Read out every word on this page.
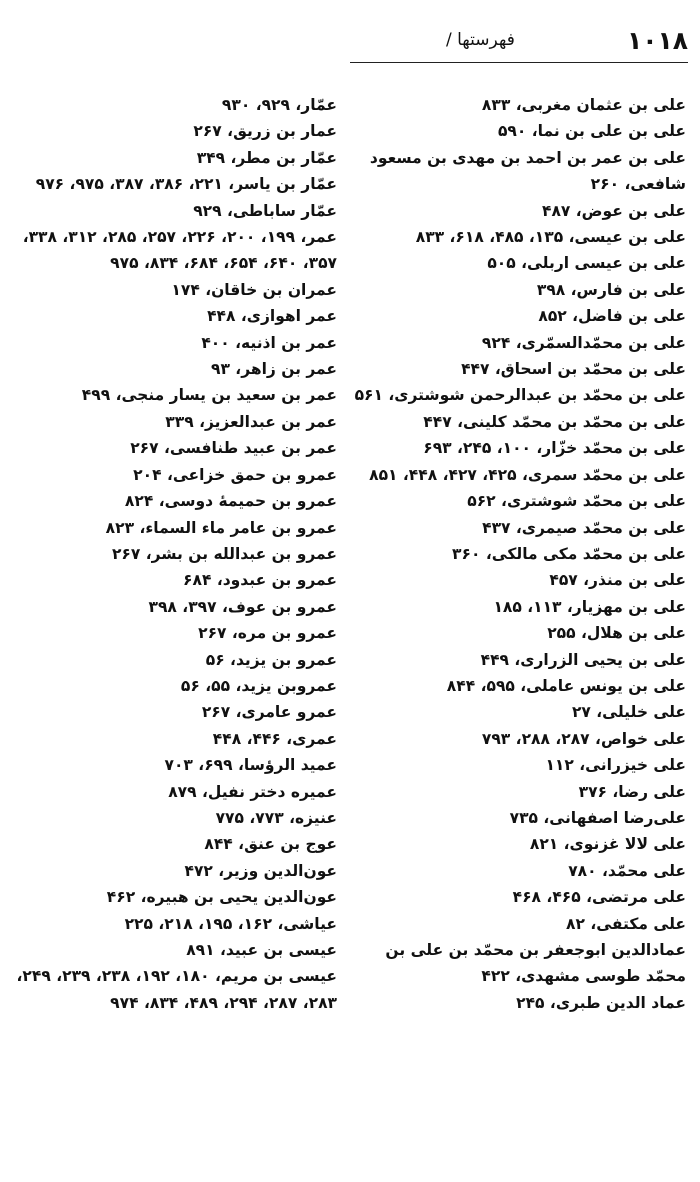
۱۰۱۸
فهرستها /
علی بن عثمان مغربی، ۸۳۳
علی بن علی بن نما، ۵۹۰
علی بن عمر بن احمد بن مهدی بن مسعود
شافعی، ۲۶۰
علی بن عوض، ۴۸۷
علی بن عیسی، ۱۳۵، ۴۸۵، ۶۱۸، ۸۳۳
علی بن عیسی اربلی، ۵۰۵
علی بن فارس، ۳۹۸
علی بن فاضل، ۸۵۲
علی بن محمّدالسمّری، ۹۲۴
علی بن محمّد بن اسحاق، ۴۴۷
علی بن محمّد بن عبدالرحمن شوشتری، ۵۶۱
علی بن محمّد بن محمّد کلینی، ۴۴۷
علی بن محمّد خزّار، ۱۰۰، ۲۴۵، ۶۹۳
علی بن محمّد سمری، ۴۲۵، ۴۲۷، ۴۴۸، ۸۵۱
علی بن محمّد شوشتری، ۵۶۲
علی بن محمّد صیمری، ۴۳۷
علی بن محمّد مکی مالکی، ۳۶۰
علی بن منذر، ۴۵۷
علی بن مهزیار، ۱۱۳، ۱۸۵
علی بن هلال، ۲۵۵
علی بن یحیی الزراری، ۴۴۹
علی بن یونس عاملی، ۵۹۵، ۸۴۴
علی خلیلی، ۲۷
علی خواص، ۲۸۷، ۲۸۸، ۷۹۳
علی خیزرانی، ۱۱۲
علی رضا، ۳۷۶
علی‌رضا اصفهانی، ۷۳۵
علی لالا غزنوی، ۸۲۱
علی محمّد، ۷۸۰
علی مرتضی، ۴۶۵، ۴۶۸
علی مکتفی، ۸۲
عمادالدین ابوجعفر بن محمّد بن علی بن
محمّد طوسی مشهدی، ۴۲۲
عماد الدین طبری، ۲۴۵
عمّار، ۹۲۹، ۹۳۰
عمار بن زریق، ۲۶۷
عمّار بن مطر، ۳۴۹
عمّار بن یاسر، ۲۲۱، ۳۸۶، ۳۸۷، ۹۷۵، ۹۷۶
عمّار ساباطی، ۹۲۹
عمر، ۱۹۹، ۲۰۰، ۲۲۶، ۲۵۷، ۲۸۵، ۳۱۲، ۳۳۸،
۳۵۷، ۶۴۰، ۶۵۴، ۶۸۴، ۸۳۴، ۹۷۵
عمران بن خاقان، ۱۷۴
عمر اهوازی، ۴۴۸
عمر بن اذنیه، ۴۰۰
عمر بن زاهر، ۹۳
عمر بن سعید بن یسار منجی، ۴۹۹
عمر بن عبدالعزیز، ۳۳۹
عمر بن عبید طنافسی، ۲۶۷
عمرو بن حمق خزاعی، ۲۰۴
عمرو بن حمیمهٔ دوسی، ۸۲۴
عمرو بن عامر ماء السماء، ۸۲۳
عمرو بن عبدالله بن بشر، ۲۶۷
عمرو بن عبدود، ۶۸۴
عمرو بن عوف، ۳۹۷، ۳۹۸
عمرو بن مره، ۲۶۷
عمرو بن یزید، ۵۶
عمروبن یزید، ۵۵، ۵۶
عمرو عامری، ۲۶۷
عمری، ۴۴۶، ۴۴۸
عمید الرؤسا، ۶۹۹، ۷۰۳
عمیره دختر نفیل، ۸۷۹
عنیزه، ۷۷۳، ۷۷۵
عوج بن عنق، ۸۴۴
عون‌الدین وزیر، ۴۷۲
عون‌الدین یحیی بن هبیره، ۴۶۲
عیاشی، ۱۶۲، ۱۹۵، ۲۱۸، ۲۲۵
عیسی بن عبید، ۸۹۱
عیسی بن مریم، ۱۸۰، ۱۹۲، ۲۳۸، ۲۳۹، ۲۴۹،
۲۸۳، ۲۸۷، ۲۹۴، ۴۸۹، ۸۳۴، ۹۷۴
